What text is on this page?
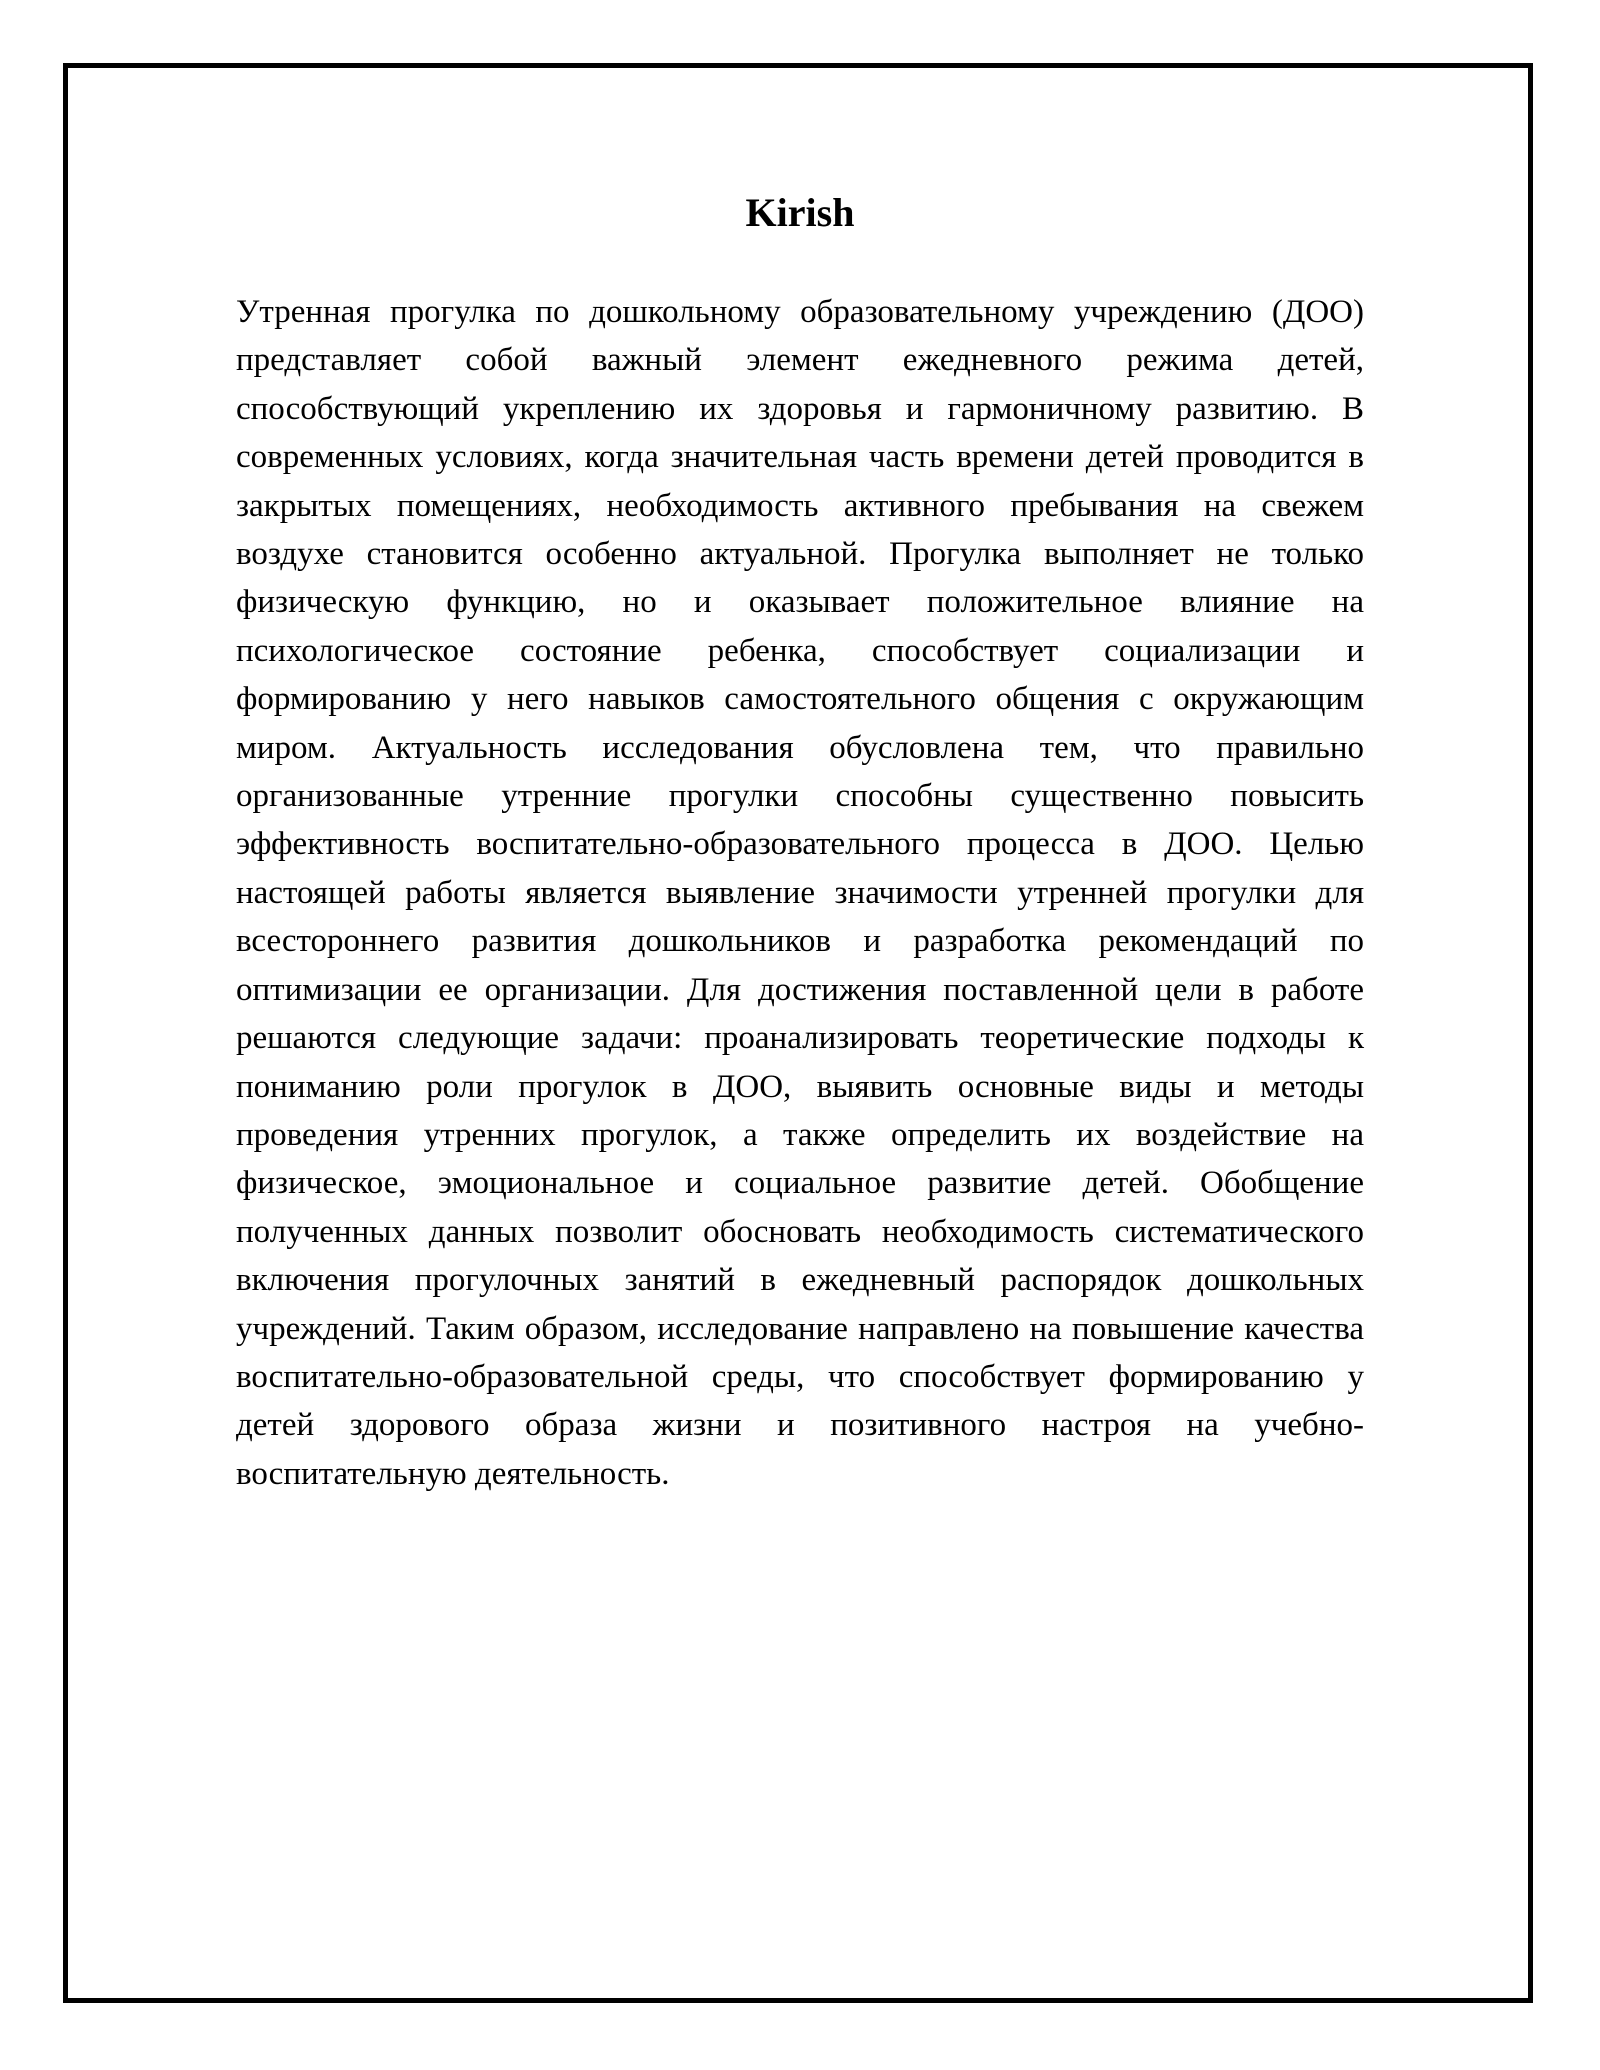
Kirish

Утренная прогулка по дошкольному образовательному учреждению (ДОО) представляет собой важный элемент ежедневного режима детей, способствующий укреплению их здоровья и гармоничному развитию. В современных условиях, когда значительная часть времени детей проводится в закрытых помещениях, необходимость активного пребывания на свежем воздухе становится особенно актуальной. Прогулка выполняет не только физическую функцию, но и оказывает положительное влияние на психологическое состояние ребенка, способствует социализации и формированию у него навыков самостоятельного общения с окружающим миром. Актуальность исследования обусловлена тем, что правильно организованные утренние прогулки способны существенно повысить эффективность воспитательно-образовательного процесса в ДОО. Целью настоящей работы является выявление значимости утренней прогулки для всестороннего развития дошкольников и разработка рекомендаций по оптимизации ее организации. Для достижения поставленной цели в работе решаются следующие задачи: проанализировать теоретические подходы к пониманию роли прогулок в ДОО, выявить основные виды и методы проведения утренних прогулок, а также определить их воздействие на физическое, эмоциональное и социальное развитие детей. Обобщение полученных данных позволит обосновать необходимость систематического включения прогулочных занятий в ежедневный распорядок дошкольных учреждений. Таким образом, исследование направлено на повышение качества воспитательно-образовательной среды, что способствует формированию у детей здорового образа жизни и позитивного настроя на учебно-воспитательную деятельность.
